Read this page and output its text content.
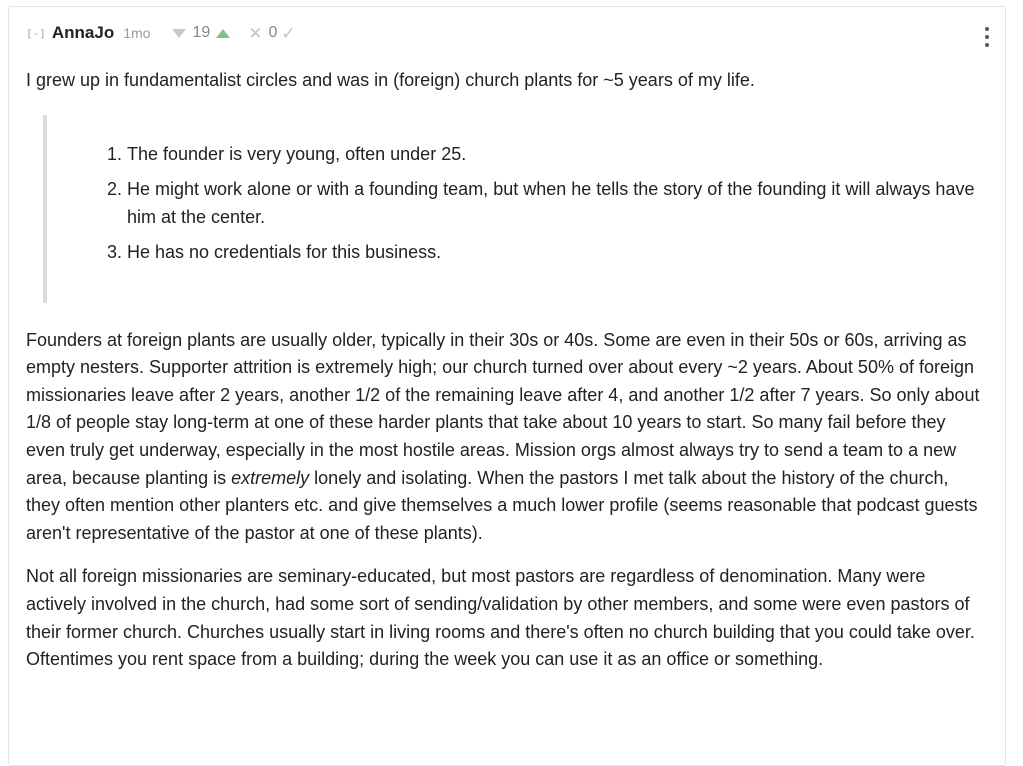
[-] AnnaJo 1mo	19 ✕ 0 ✓

I grew up in fundamentalist circles and was in (foreign) church plants for ~5 years of my life.

1. The founder is very young, often under 25.
2. He might work alone or with a founding team, but when he tells the story of the founding it will always have him at the center.
3. He has no credentials for this business.

Founders at foreign plants are usually older, typically in their 30s or 40s. Some are even in their 50s or 60s, arriving as empty nesters. Supporter attrition is extremely high; our church turned over about every ~2 years. About 50% of foreign missionaries leave after 2 years, another 1/2 of the remaining leave after 4, and another 1/2 after 7 years. So only about 1/8 of people stay long-term at one of these harder plants that take about 10 years to start. So many fail before they even truly get underway, especially in the most hostile areas. Mission orgs almost always try to send a team to a new area, because planting is extremely lonely and isolating. When the pastors I met talk about the history of the church, they often mention other planters etc. and give themselves a much lower profile (seems reasonable that podcast guests aren't representative of the pastor at one of these plants).

Not all foreign missionaries are seminary-educated, but most pastors are regardless of denomination. Many were actively involved in the church, had some sort of sending/validation by other members, and some were even pastors of their former church. Churches usually start in living rooms and there's often no church building that you could take over. Oftentimes you rent space from a building; during the week you can use it as an office or something.
